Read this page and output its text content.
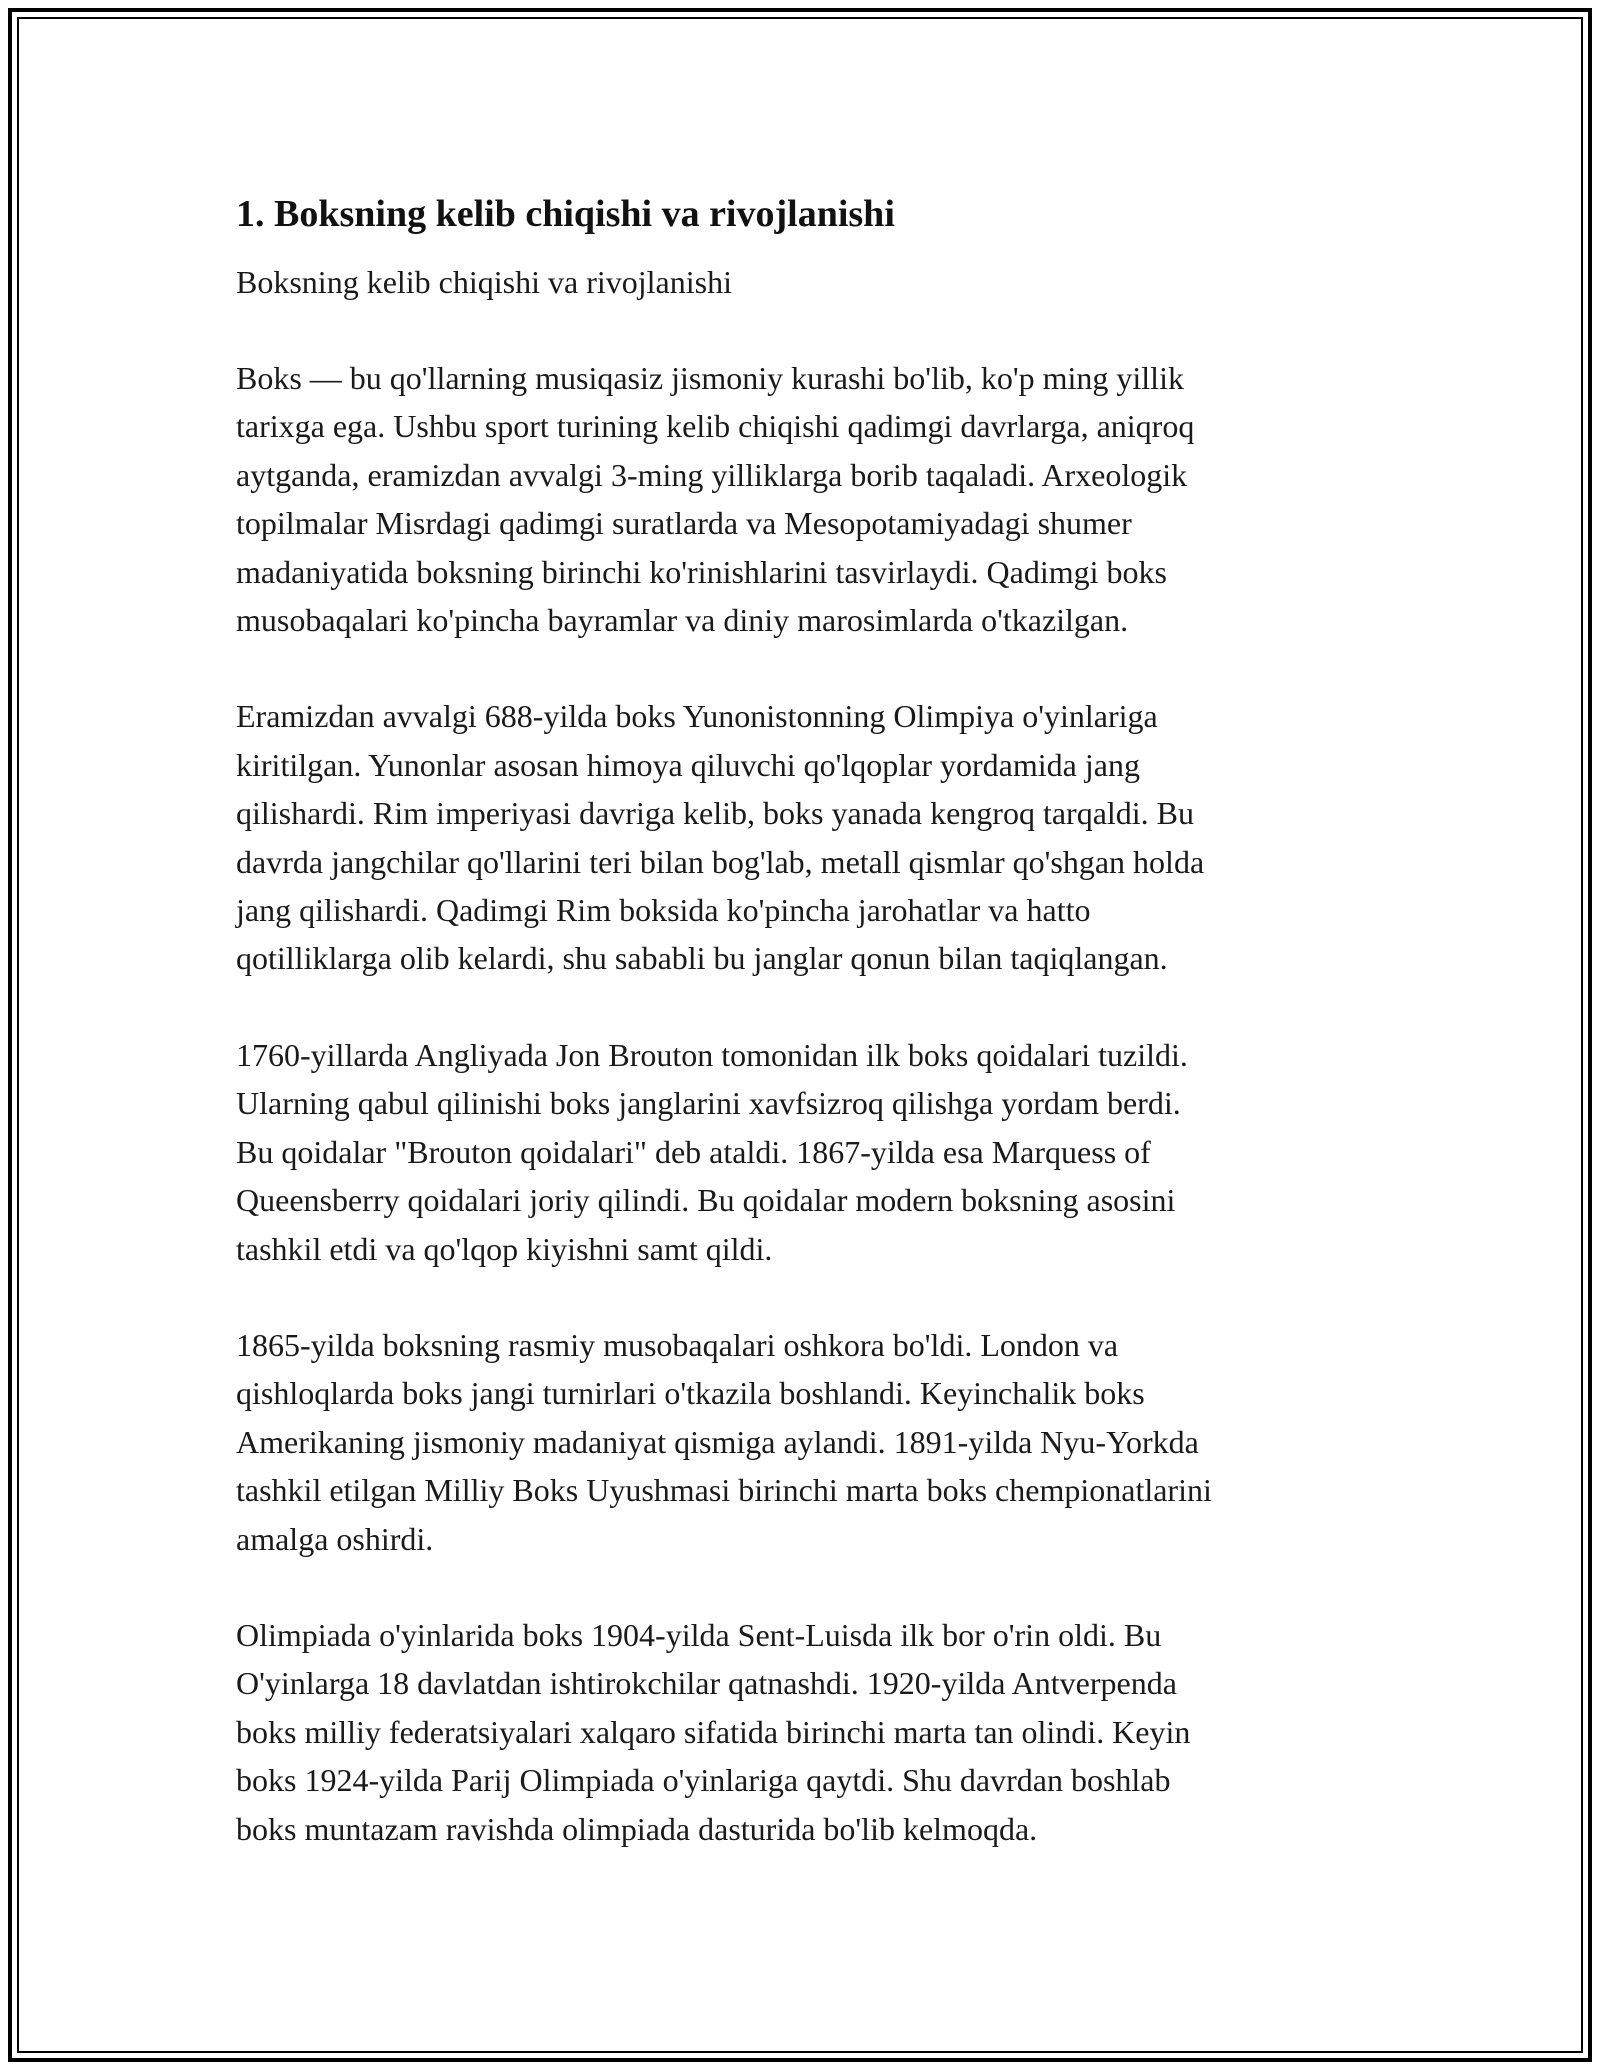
1. Boksning kelib chiqishi va rivojlanishi

Boksning kelib chiqishi va rivojlanishi

Boks — bu qo'llarning musiqasiz jismoniy kurashi bo'lib, ko'p ming yillik
tarixga ega. Ushbu sport turining kelib chiqishi qadimgi davrlarga, aniqroq
aytganda, eramizdan avvalgi 3-ming yilliklarga borib taqaladi. Arxeologik
topilmalar Misrdagi qadimgi suratlarda va Mesopotamiyadagi shumer
madaniyatida boksning birinchi ko'rinishlarini tasvirlaydi. Qadimgi boks
musobaqalari ko'pincha bayramlar va diniy marosimlarda o'tkazilgan.

Eramizdan avvalgi 688-yilda boks Yunonistonning Olimpiya o'yinlariga
kiritilgan. Yunonlar asosan himoya qiluvchi qo'lqoplar yordamida jang
qilishardi. Rim imperiyasi davriga kelib, boks yanada kengroq tarqaldi. Bu
davrda jangchilar qo'llarini teri bilan bog'lab, metall qismlar qo'shgan holda
jang qilishardi. Qadimgi Rim boksida ko'pincha jarohatlar va hatto
qotilliklarga olib kelardi, shu sababli bu janglar qonun bilan taqiqlangan.

1760-yillarda Angliyada Jon Brouton tomonidan ilk boks qoidalari tuzildi.
Ularning qabul qilinishi boks janglarini xavfsizroq qilishga yordam berdi.
Bu qoidalar "Brouton qoidalari" deb ataldi. 1867-yilda esa Marquess of
Queensberry qoidalari joriy qilindi. Bu qoidalar modern boksning asosini
tashkil etdi va qo'lqop kiyishni samt qildi.

1865-yilda boksning rasmiy musobaqalari oshkora bo'ldi. London va
qishloqlarda boks jangi turnirlari o'tkazila boshlandi. Keyinchalik boks
Amerikaning jismoniy madaniyat qismiga aylandi. 1891-yilda Nyu-Yorkda
tashkil etilgan Milliy Boks Uyushmasi birinchi marta boks chempionatlarini
amalga oshirdi.

Olimpiada o'yinlarida boks 1904-yilda Sent-Luisda ilk bor o'rin oldi. Bu
O'yinlarga 18 davlatdan ishtirokchilar qatnashdi. 1920-yilda Antverpenda
boks milliy federatsiyalari xalqaro sifatida birinchi marta tan olindi. Keyin
boks 1924-yilda Parij Olimpiada o'yinlariga qaytdi. Shu davrdan boshlab
boks muntazam ravishda olimpiada dasturida bo'lib kelmoqda.
